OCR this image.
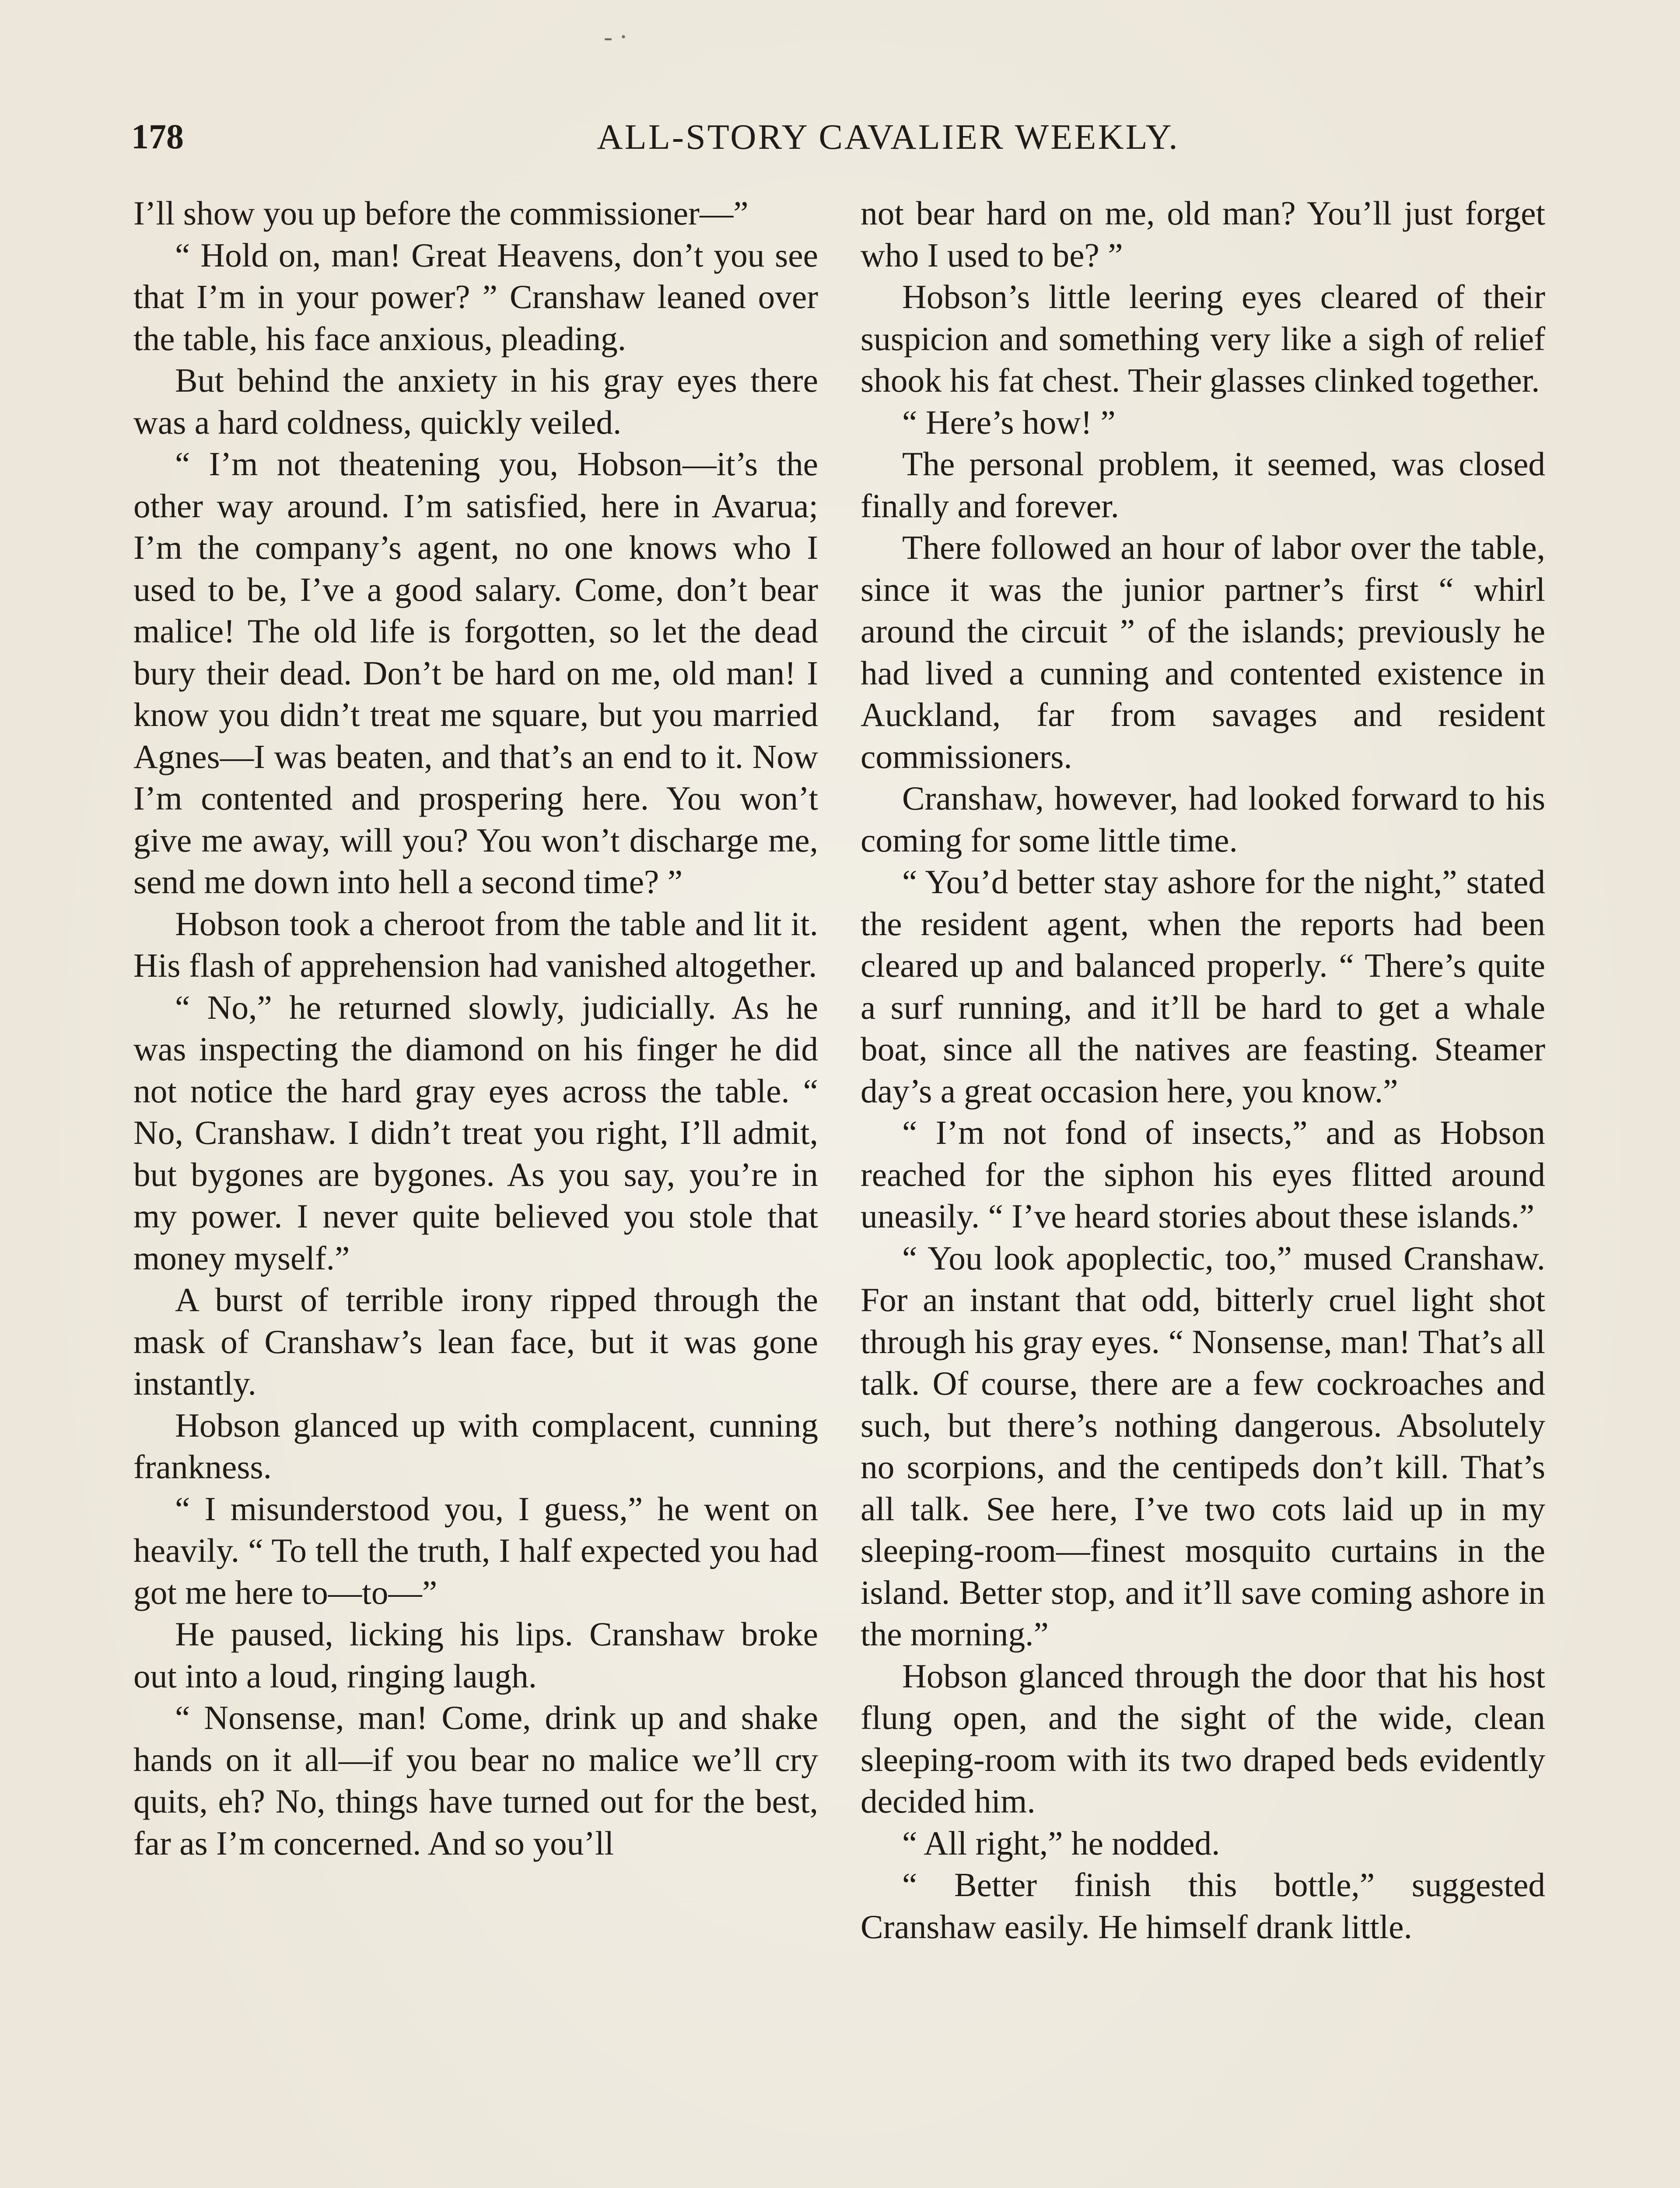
- ·
178	ALL-STORY CAVALIER WEEKLY.

I’ll show you up before the commissioner—”

“ Hold on, man! Great Heavens, don’t you see that I’m in your power? ” Cranshaw leaned over the table, his face anxious, pleading.

But behind the anxiety in his gray eyes there was a hard coldness, quickly veiled.

“ I’m not theatening you, Hobson—it’s the other way around. I’m satisfied, here in Avarua; I’m the company’s agent, no one knows who I used to be, I’ve a good salary. Come, don’t bear malice! The old life is forgotten, so let the dead bury their dead. Don’t be hard on me, old man! I know you didn’t treat me square, but you married Agnes—I was beaten, and that’s an end to it. Now I’m contented and prospering here. You won’t give me away, will you? You won’t discharge me, send me down into hell a second time? ”

Hobson took a cheroot from the table and lit it. His flash of apprehension had vanished altogether.

“ No,” he returned slowly, judicially. As he was inspecting the diamond on his finger he did not notice the hard gray eyes across the table. “ No, Cranshaw. I didn’t treat you right, I’ll admit, but bygones are bygones. As you say, you’re in my power. I never quite believed you stole that money myself.”

A burst of terrible irony ripped through the mask of Cranshaw’s lean face, but it was gone instantly.

Hobson glanced up with complacent, cunning frankness.

“ I misunderstood you, I guess,” he went on heavily. “ To tell the truth, I half expected you had got me here to—to—”

He paused, licking his lips. Cranshaw broke out into a loud, ringing laugh.

“ Nonsense, man! Come, drink up and shake hands on it all—if you bear no malice we’ll cry quits, eh? No, things have turned out for the best, far as I’m concerned. And so you’ll

not bear hard on me, old man? You’ll just forget who I used to be? ”

Hobson’s little leering eyes cleared of their suspicion and something very like a sigh of relief shook his fat chest. Their glasses clinked together.

“ Here’s how! ”

The personal problem, it seemed, was closed finally and forever.

There followed an hour of labor over the table, since it was the junior partner’s first “ whirl around the circuit ” of the islands; previously he had lived a cunning and contented existence in Auckland, far from savages and resident commissioners.

Cranshaw, however, had looked forward to his coming for some little time.

“ You’d better stay ashore for the night,” stated the resident agent, when the reports had been cleared up and balanced properly. “ There’s quite a surf running, and it’ll be hard to get a whale boat, since all the natives are feasting. Steamer day’s a great occasion here, you know.”

“ I’m not fond of insects,” and as Hobson reached for the siphon his eyes flitted around uneasily. “ I’ve heard stories about these islands.”

“ You look apoplectic, too,” mused Cranshaw. For an instant that odd, bitterly cruel light shot through his gray eyes. “ Nonsense, man! That’s all talk. Of course, there are a few cockroaches and such, but there’s nothing dangerous. Absolutely no scorpions, and the centipeds don’t kill. That’s all talk. See here, I’ve two cots laid up in my sleeping-room—finest mosquito curtains in the island. Better stop, and it’ll save coming ashore in the morning.”

Hobson glanced through the door that his host flung open, and the sight of the wide, clean sleeping-room with its two draped beds evidently decided him.

“ All right,” he nodded.

“ Better finish this bottle,” suggested Cranshaw easily. He himself drank little.
